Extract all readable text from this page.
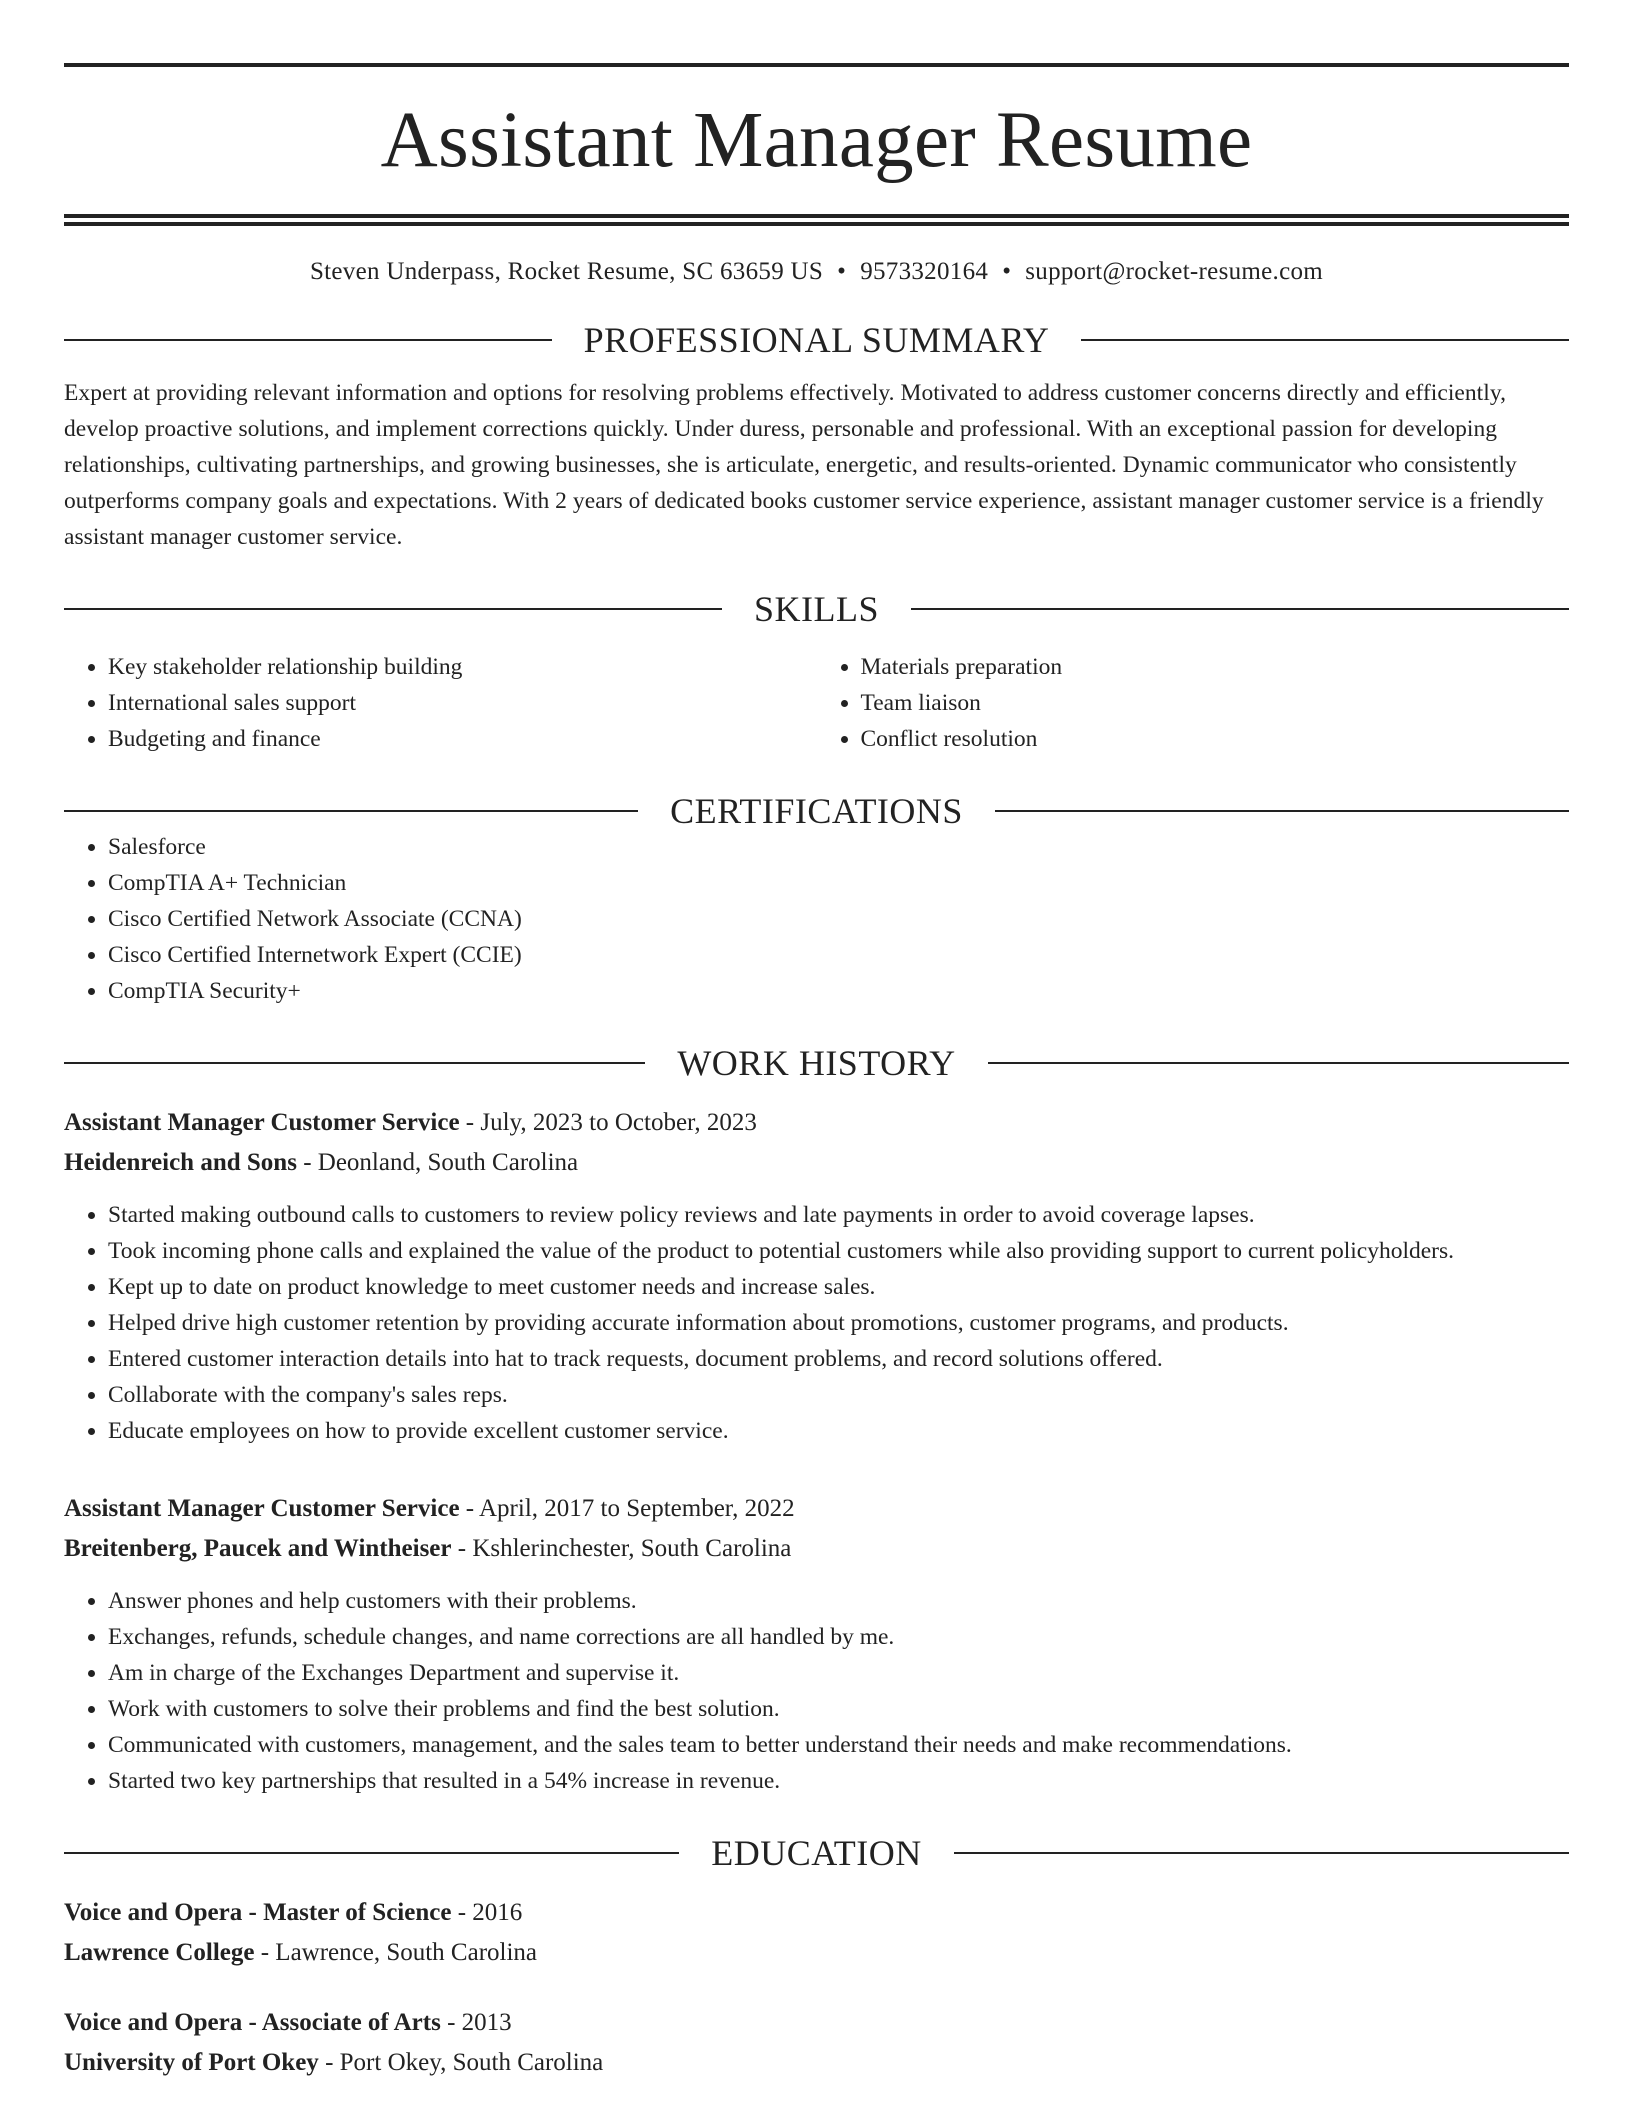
Assistant Manager Resume
Steven Underpass, Rocket Resume, SC 63659 US • 9573320164 • support@rocket-resume.com
PROFESSIONAL SUMMARY
Expert at providing relevant information and options for resolving problems effectively. Motivated to address customer concerns directly and efficiently, develop proactive solutions, and implement corrections quickly. Under duress, personable and professional. With an exceptional passion for developing relationships, cultivating partnerships, and growing businesses, she is articulate, energetic, and results-oriented. Dynamic communicator who consistently outperforms company goals and expectations. With 2 years of dedicated books customer service experience, assistant manager customer service is a friendly assistant manager customer service.
SKILLS
• Key stakeholder relationship building
• International sales support
• Budgeting and finance
• Materials preparation
• Team liaison
• Conflict resolution
CERTIFICATIONS
• Salesforce
• CompTIA A+ Technician
• Cisco Certified Network Associate (CCNA)
• Cisco Certified Internetwork Expert (CCIE)
• CompTIA Security+
WORK HISTORY
Assistant Manager Customer Service - July, 2023 to October, 2023
Heidenreich and Sons - Deonland, South Carolina
• Started making outbound calls to customers to review policy reviews and late payments in order to avoid coverage lapses.
• Took incoming phone calls and explained the value of the product to potential customers while also providing support to current policyholders.
• Kept up to date on product knowledge to meet customer needs and increase sales.
• Helped drive high customer retention by providing accurate information about promotions, customer programs, and products.
• Entered customer interaction details into hat to track requests, document problems, and record solutions offered.
• Collaborate with the company's sales reps.
• Educate employees on how to provide excellent customer service.
Assistant Manager Customer Service - April, 2017 to September, 2022
Breitenberg, Paucek and Wintheiser - Kshlerinchester, South Carolina
• Answer phones and help customers with their problems.
• Exchanges, refunds, schedule changes, and name corrections are all handled by me.
• Am in charge of the Exchanges Department and supervise it.
• Work with customers to solve their problems and find the best solution.
• Communicated with customers, management, and the sales team to better understand their needs and make recommendations.
• Started two key partnerships that resulted in a 54% increase in revenue.
EDUCATION
Voice and Opera - Master of Science - 2016
Lawrence College - Lawrence, South Carolina
Voice and Opera - Associate of Arts - 2013
University of Port Okey - Port Okey, South Carolina
